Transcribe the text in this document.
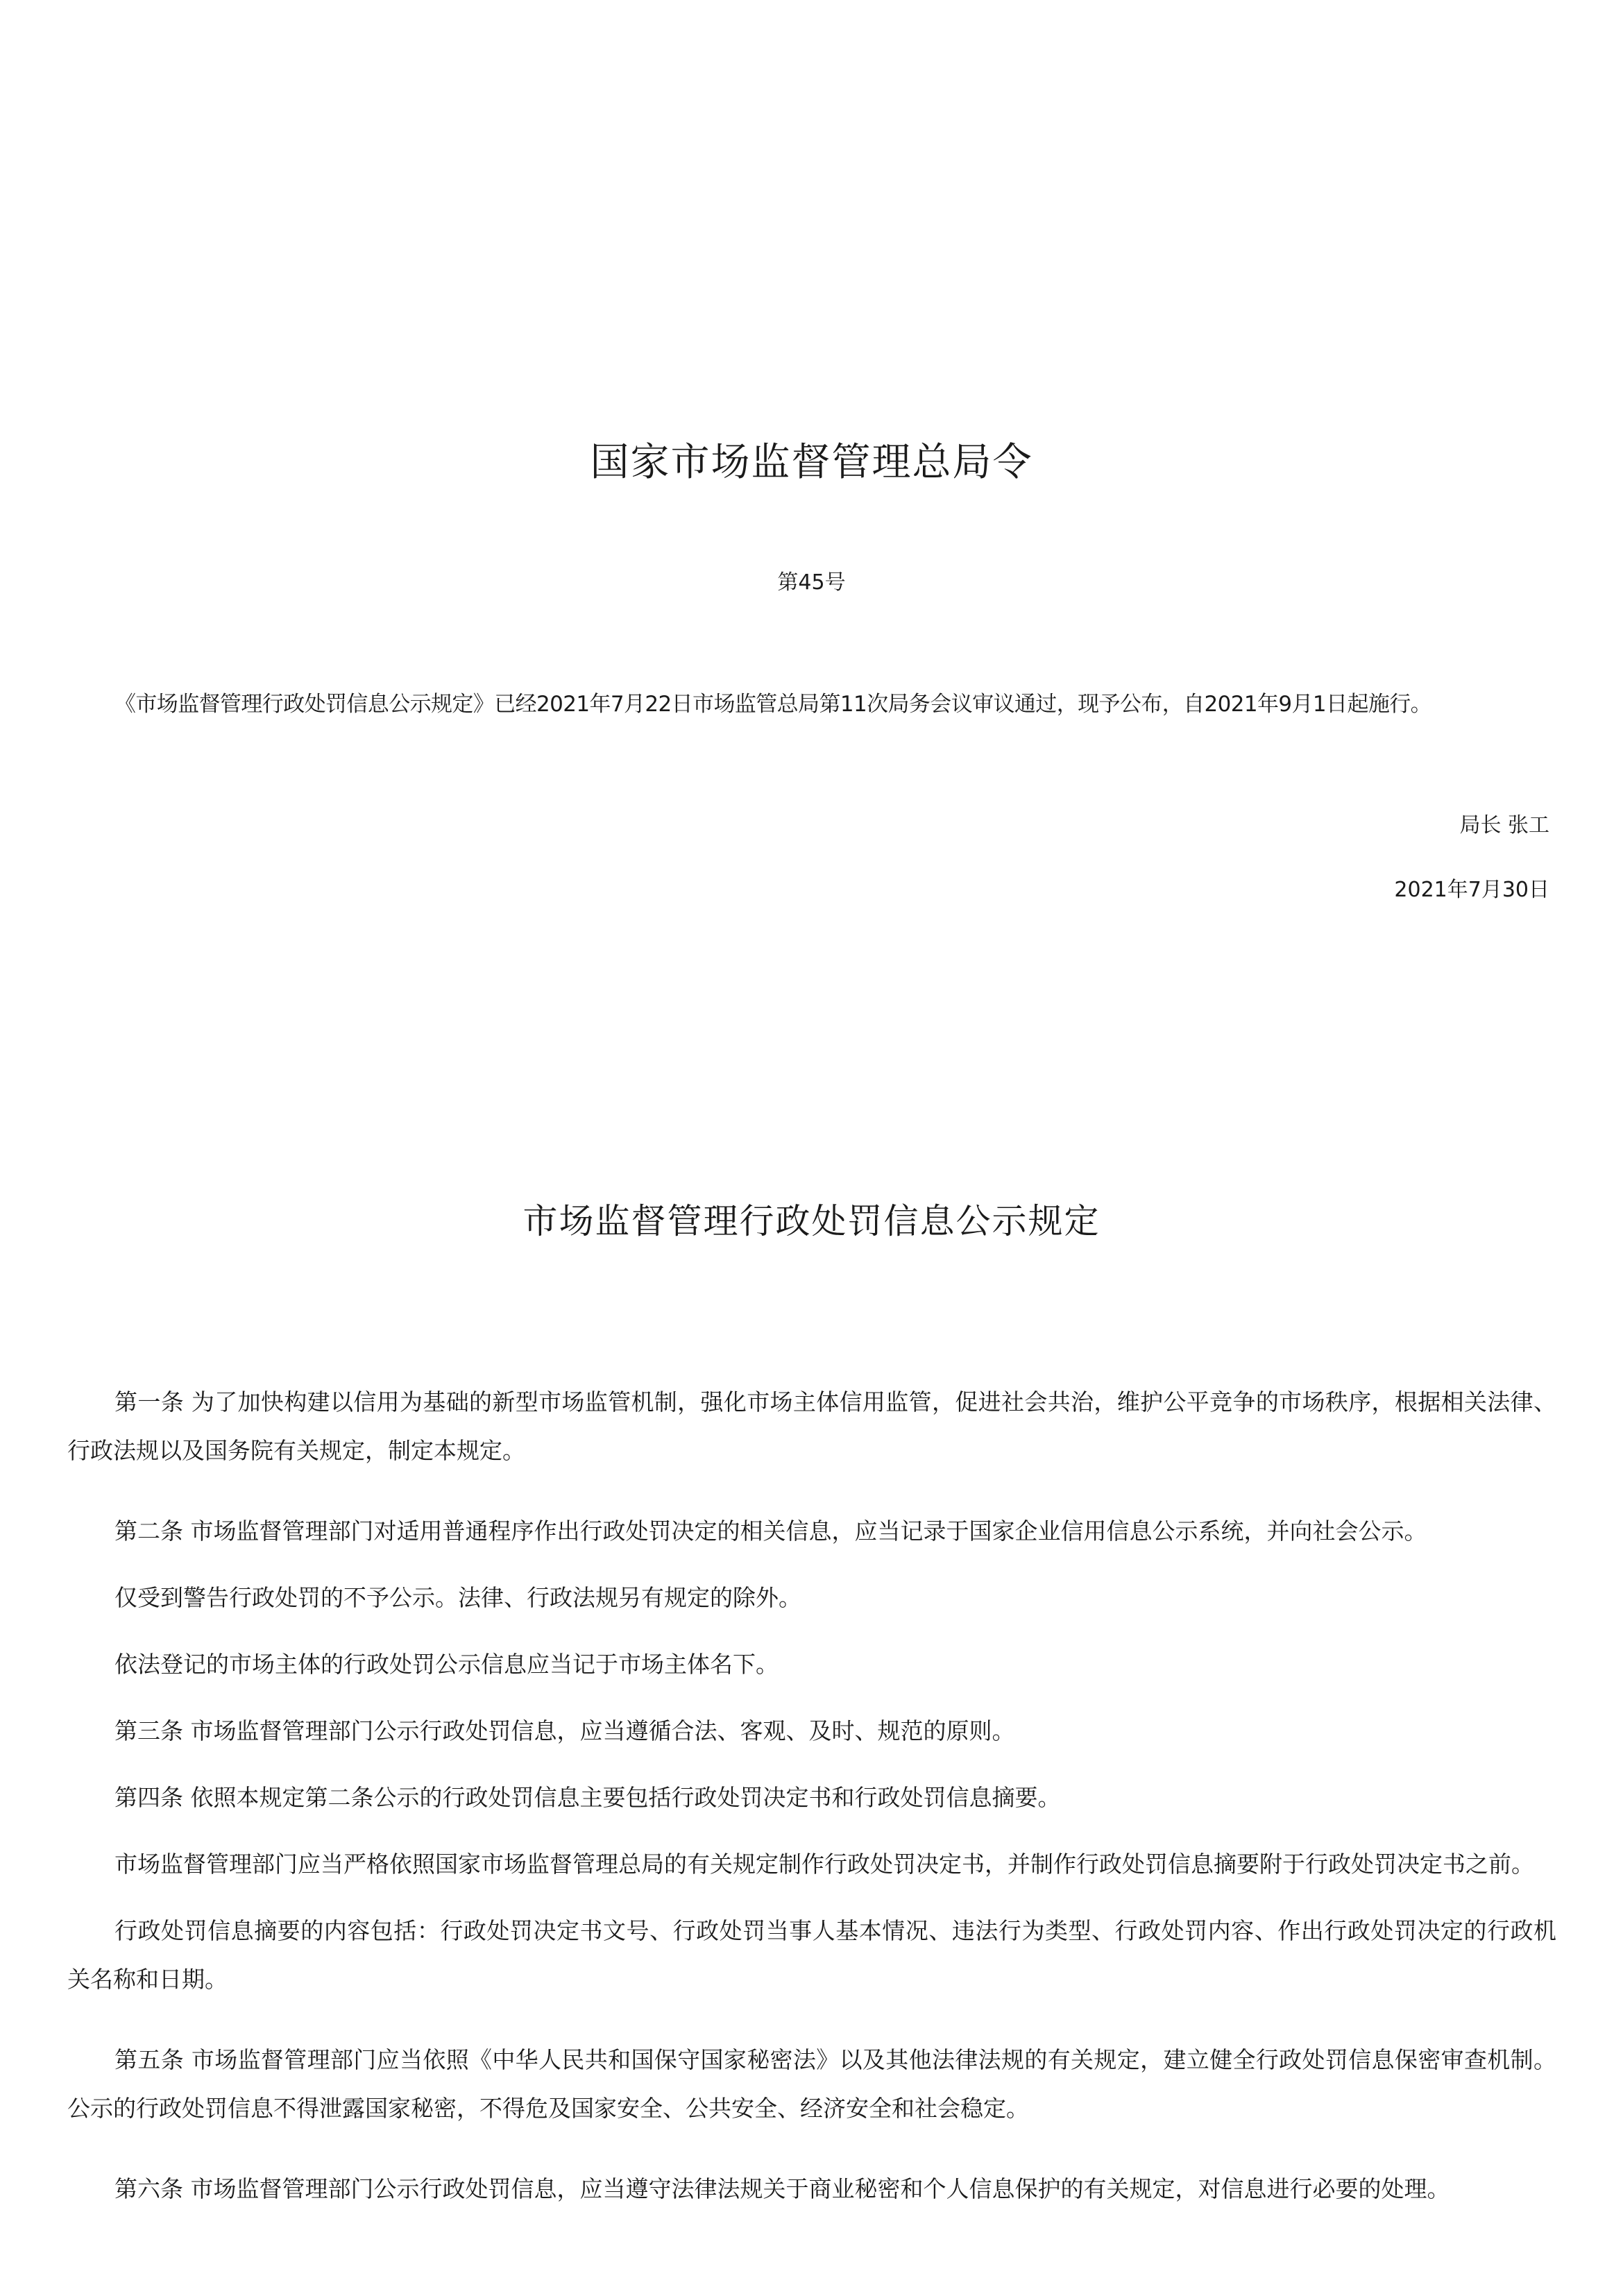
国家市场监督管理总局令
第45号

《市场监督管理行政处罚信息公示规定》已经2021年7月22日市场监管总局第11次局务会议审议通过，现予公布，自2021年9月1日起施行。

局长 张工
2021年7月30日
市场监督管理行政处罚信息公示规定

第一条 为了加快构建以信用为基础的新型市场监管机制，强化市场主体信用监管，促进社会共治，维护公平竞争的市场秩序，根据相关法律、行政法规以及国务院有关规定，制定本规定。

第二条 市场监督管理部门对适用普通程序作出行政处罚决定的相关信息，应当记录于国家企业信用信息公示系统，并向社会公示。

仅受到警告行政处罚的不予公示。法律、行政法规另有规定的除外。

依法登记的市场主体的行政处罚公示信息应当记于市场主体名下。

第三条 市场监督管理部门公示行政处罚信息，应当遵循合法、客观、及时、规范的原则。

第四条 依照本规定第二条公示的行政处罚信息主要包括行政处罚决定书和行政处罚信息摘要。

市场监督管理部门应当严格依照国家市场监督管理总局的有关规定制作行政处罚决定书，并制作行政处罚信息摘要附于行政处罚决定书之前。

行政处罚信息摘要的内容包括：行政处罚决定书文号、行政处罚当事人基本情况、违法行为类型、行政处罚内容、作出行政处罚决定的行政机关名称和日期。

第五条 市场监督管理部门应当依照《中华人民共和国保守国家秘密法》以及其他法律法规的有关规定，建立健全行政处罚信息保密审查机制。公示的行政处罚信息不得泄露国家秘密，不得危及国家安全、公共安全、经济安全和社会稳定。

第六条 市场监督管理部门公示行政处罚信息，应当遵守法律法规关于商业秘密和个人信息保护的有关规定，对信息进行必要的处理。
